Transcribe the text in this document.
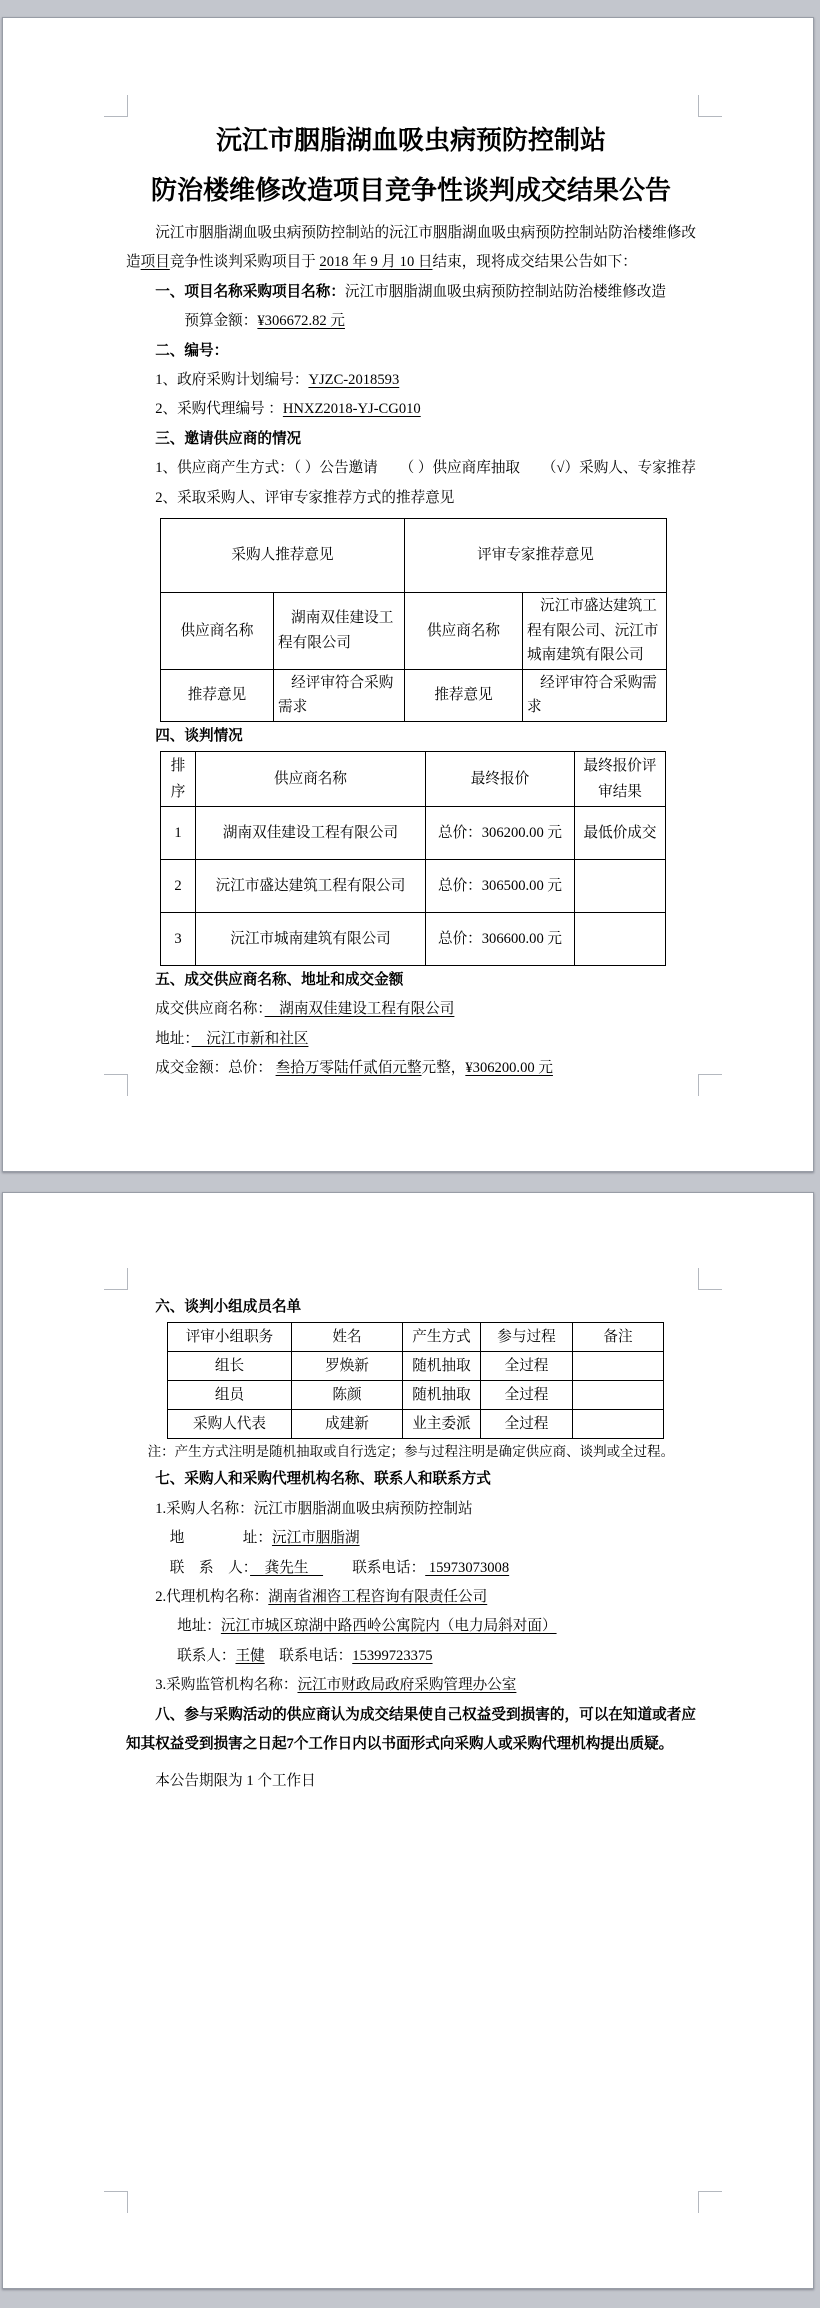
沅江市胭脂湖血吸虫病预防控制站
防治楼维修改造项目竞争性谈判成交结果公告
沅江市胭脂湖血吸虫病预防控制站的沅江市胭脂湖血吸虫病预防控制站防治楼维修改造项目竞争性谈判采购项目于 2018 年 9 月 10 日结束，现将成交结果公告如下：
一、项目名称采购项目名称：沅江市胭脂湖血吸虫病预防控制站防治楼维修改造
预算金额：¥306672.82 元
二、编号：
1、政府采购计划编号：YJZC-2018593
2、采购代理编号 ：HNXZ2018-YJ-CG010
三、邀请供应商的情况
1、供应商产生方式：（ ）公告邀请　　（ ）供应商库抽取　　（√）采购人、专家推荐
2、采取采购人、评审专家推荐方式的推荐意见
采购人推荐意见		评审专家推荐意见	
供应商名称	湖南双佳建设工程有限公司	供应商名称	沅江市盛达建筑工程有限公司、沅江市城南建筑有限公司
推荐意见	经评审符合采购需求	推荐意见	经评审符合采购需求
四、谈判情况
排序	供应商名称	最终报价	最终报价评审结果
1	湖南双佳建设工程有限公司	总价：306200.00 元	最低价成交
2	沅江市盛达建筑工程有限公司	总价：306500.00 元	
3	沅江市城南建筑有限公司	总价：306600.00 元	
五、成交供应商名称、地址和成交金额
成交供应商名称：　湖南双佳建设工程有限公司
地址：　沅江市新和社区
成交金额：总价： 叁拾万零陆仟贰佰元整元整，¥306200.00 元
六、谈判小组成员名单
评审小组职务	姓名	产生方式	参与过程	备注
组长	罗焕新	随机抽取	全过程	
组员	陈颜	随机抽取	全过程	
采购人代表	成建新	业主委派	全过程	
注：产生方式注明是随机抽取或自行选定；参与过程注明是确定供应商、谈判或全过程。
七、采购人和采购代理机构名称、联系人和联系方式
1.采购人名称：沅江市胭脂湖血吸虫病预防控制站
地　　　　址：沅江市胭脂湖
联　系　人：　龚先生　　　联系电话： 15973073008
2.代理机构名称：湖南省湘咨工程咨询有限责任公司
地址：沅江市城区琼湖中路西岭公寓院内（电力局斜对面）
联系人：王健　联系电话：15399723375
3.采购监管机构名称：沅江市财政局政府采购管理办公室
八、参与采购活动的供应商认为成交结果使自己权益受到损害的，可以在知道或者应知其权益受到损害之日起7个工作日内以书面形式向采购人或采购代理机构提出质疑。
本公告期限为 1 个工作日
